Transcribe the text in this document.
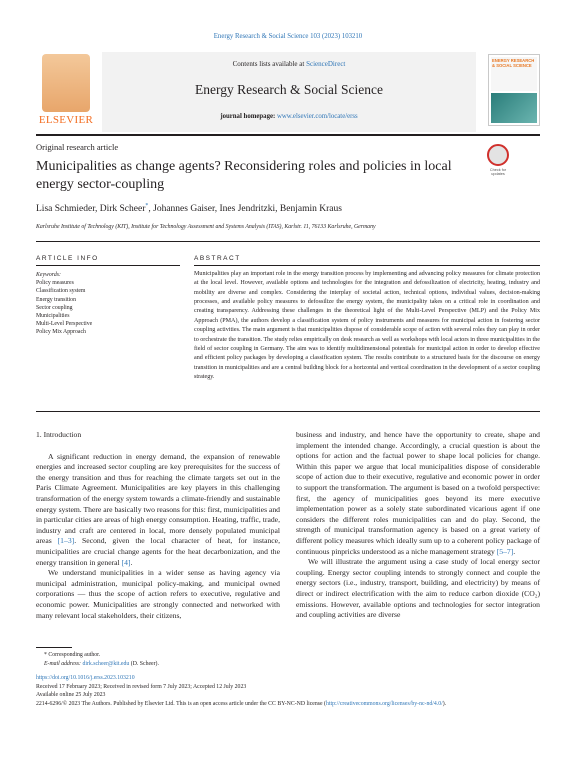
Energy Research & Social Science 103 (2023) 103210
ELSEVIER
Contents lists available at ScienceDirect
Energy Research & Social Science
journal homepage: www.elsevier.com/locate/erss
ENERGY RESEARCH & SOCIAL SCIENCE
Original research article
Municipalities as change agents? Reconsidering roles and policies in local energy sector-coupling
Check for updates
Lisa Schmieder, Dirk Scheer*, Johannes Gaiser, Ines Jendritzki, Benjamin Kraus
Karlsruhe Institute of Technology (KIT), Institute for Technology Assessment and Systems Analysis (ITAS), Karlstr. 11, 76133 Karlsruhe, Germany
ARTICLE INFO	ABSTRACT
Keywords:
Policy measures
Classification system
Energy transition
Sector coupling
Municipalities
Multi-Level Perspective
Policy Mix Approach
Municipalities play an important role in the energy transition process by implementing and advancing policy measures for climate protection at the local level. However, available options and technologies for the integration and defossilization of electricity, heating, industry and mobility are diverse and complex. Considering the interplay of societal action, technical options, individual values, decision-making processes, and available policy measures to defossilize the energy system, the municipality takes on a critical role in coordination and creating transparency. Addressing these challenges in the theoretical light of the Multi-Level Perspective (MLP) and the Policy Mix Approach (PMA), the authors develop a classification system of policy instruments and measures for municipal action in fostering sector coupling activities. The main argument is that municipalities dispose of considerable scope of action with several roles they can play in order to orchestrate the transition. The study relies empirically on desk research as well as workshops with local actors in three municipalities in the field of sector coupling in Germany. The aim was to identify multidimensional potentials for municipal action in order to develop effective and efficient policy packages by developing a classification system. The results contribute to a structured basis for the discourse on energy transition in municipalities and are a central building block for a horizontal and vertical coordination in the development of a sector coupling strategy.
1. Introduction

A significant reduction in energy demand, the expansion of renewable energies and increased sector coupling are key prerequisites for the success of the energy transition and thus for reaching the climate targets set out in the Paris Climate Agreement. Municipalities are key players in this challenging transformation of the energy system towards a climate-friendly and sustainable energy system. There are basically two reasons for this: first, municipalities and in particular cities are areas of high energy consumption. Heating, traffic, trade, industry and craft are centered in local, more densely populated municipal areas [1–3]. Second, given the local character of heat, for instance, municipalities are crucial change agents for the heat decarbonization, and the energy transition in general [4].

We understand municipalities in a wider sense as having agency via municipal administration, municipal policy-making, and municipal owned corporations — thus the scope of action refers to executive, regulative and economic power. Municipalities are strongly connected and networked with many relevant local stakeholders, their citizens,

business and industry, and hence have the opportunity to create, shape and implement the intended change. Accordingly, a crucial question is about the options for action and the factual power to shape local policies for change. Within this paper we argue that local municipalities dispose of considerable scope of action due to their executive, regulative and economic power in order to support the transformation. The argument is based on a twofold perspective: first, the agency of municipalities goes beyond its mere executive implementation power as a solely state subordinated vicarious agent if one considers the different roles municipalities can and do play. Second, the strength of municipal transformation agency is based on a great variety of different policy measures which ideally sum up to a coherent policy package of continuous pinpricks understood as a niche management strategy [5–7].

We will illustrate the argument using a case study of local energy sector coupling. Energy sector coupling intends to strongly connect and couple the energy sectors (i.e., industry, transport, building, and electricity) by means of direct or indirect electrification with the aim to reduce carbon dioxide (CO₂) emissions. However, available options and technologies for sector integration and coupling activities are diverse

* Corresponding author.
E-mail address: dirk.scheer@kit.edu (D. Scheer).
https://doi.org/10.1016/j.erss.2023.103210
Received 17 February 2023; Received in revised form 7 July 2023; Accepted 12 July 2023
Available online 25 July 2023
2214-6296/© 2023 The Authors. Published by Elsevier Ltd. This is an open access article under the CC BY-NC-ND license (http://creativecommons.org/licenses/by-nc-nd/4.0/).
